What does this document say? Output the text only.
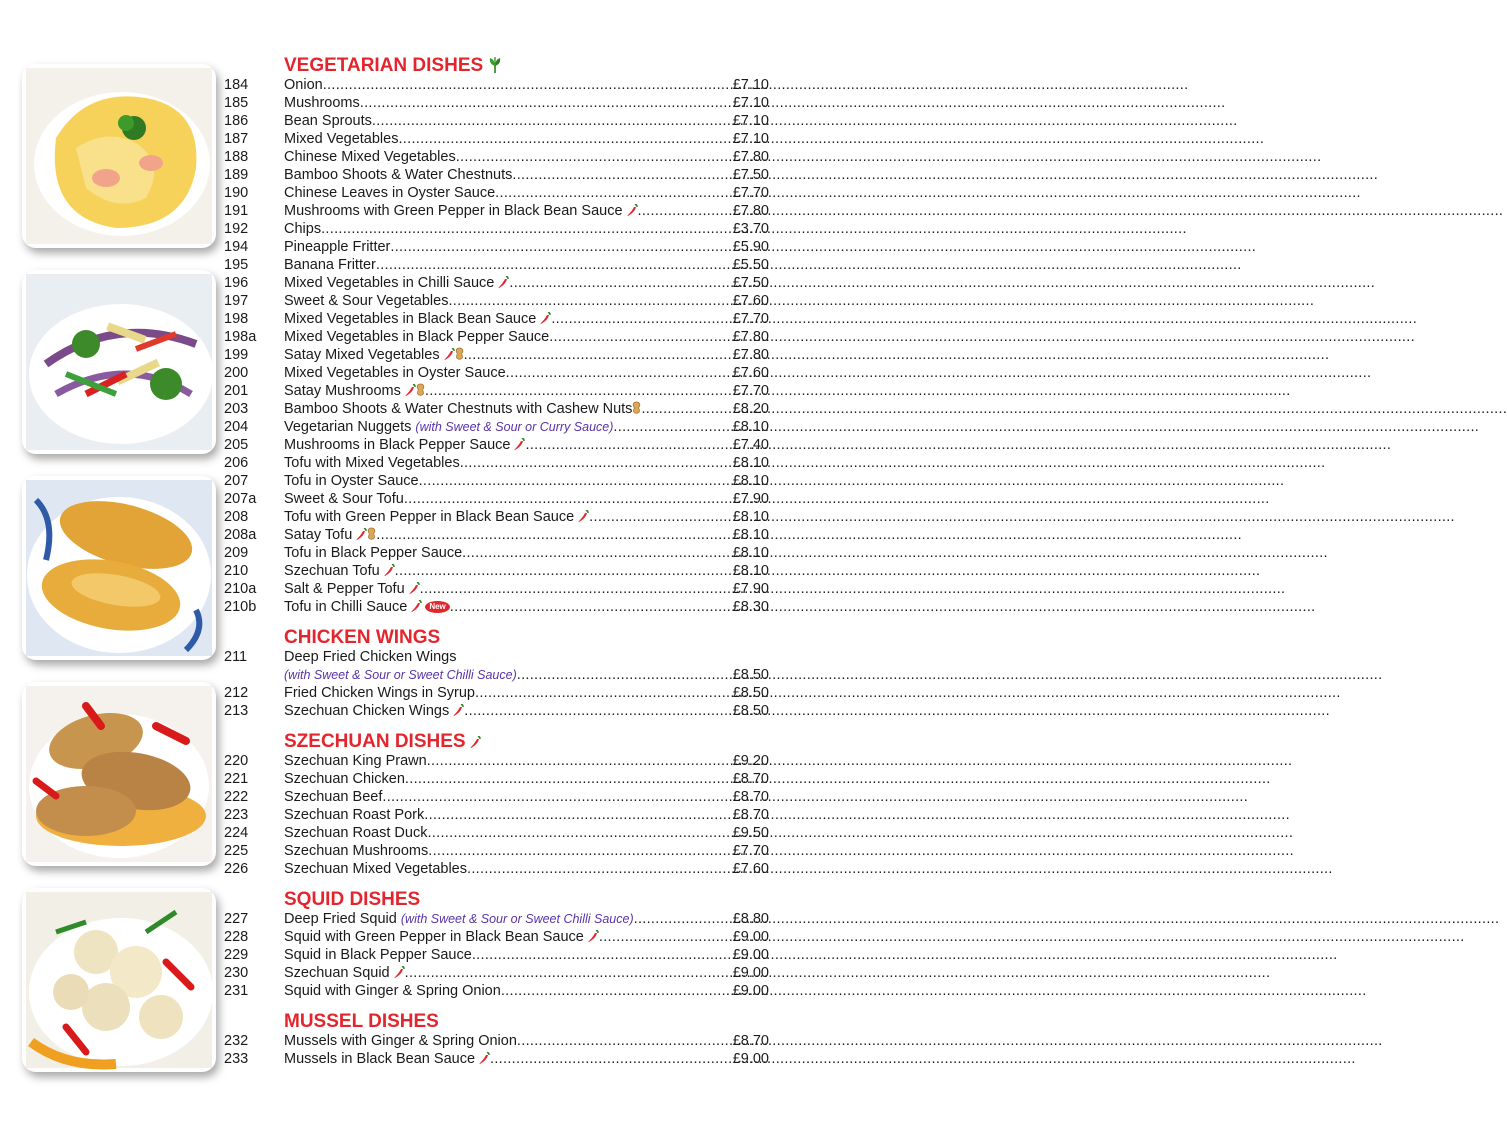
VEGETARIAN DISHES
184	Onion .....	£7.10
185	Mushrooms .....	£7.10
186	Bean Sprouts .....	£7.10
187	Mixed Vegetables .....	£7.10
188	Chinese Mixed Vegetables .....	£7.80
189	Bamboo Shoots & Water Chestnuts .....	£7.50
190	Chinese Leaves in Oyster Sauce .....	£7.70
191	Mushrooms with Green Pepper in Black Bean Sauce .....	£7.80
192	Chips .....	£3.70
194	Pineapple Fritter .....	£5.90
195	Banana Fritter .....	£5.50
196	Mixed Vegetables in Chilli Sauce .....	£7.50
197	Sweet & Sour Vegetables .....	£7.60
198	Mixed Vegetables in Black Bean Sauce .....	£7.70
198a	Mixed Vegetables in Black Pepper Sauce .....	£7.80
199	Satay Mixed Vegetables .....	£7.80
200	Mixed Vegetables in Oyster Sauce .....	£7.60
201	Satay Mushrooms .....	£7.70
203	Bamboo Shoots & Water Chestnuts with Cashew Nuts .....	£8.20
204	Vegetarian Nuggets (with Sweet & Sour or Curry Sauce) .....	£8.10
205	Mushrooms in Black Pepper Sauce .....	£7.40
206	Tofu with Mixed Vegetables .....	£8.10
207	Tofu in Oyster Sauce .....	£8.10
207a	Sweet & Sour Tofu .....	£7.90
208	Tofu with Green Pepper in Black Bean Sauce .....	£8.10
208a	Satay Tofu .....	£8.10
209	Tofu in Black Pepper Sauce .....	£8.10
210	Szechuan Tofu .....	£8.10
210a	Salt & Pepper Tofu .....	£7.90
210b	Tofu in Chilli Sauce	New .....	£8.30
CHICKEN WINGS
211	Deep Fried Chicken Wings
(with Sweet & Sour or Sweet Chilli Sauce) .....	£8.50
212	Fried Chicken Wings in Syrup .....	£8.50
213	Szechuan Chicken Wings .....	£8.50
SZECHUAN DISHES
220	Szechuan King Prawn .....	£9.20
221	Szechuan Chicken .....	£8.70
222	Szechuan Beef .....	£8.70
223	Szechuan Roast Pork .....	£8.70
224	Szechuan Roast Duck .....	£9.50
225	Szechuan Mushrooms .....	£7.70
226	Szechuan Mixed Vegetables .....	£7.60
SQUID DISHES
227	Deep Fried Squid (with Sweet & Sour or Sweet Chilli Sauce) .....	£8.80
228	Squid with Green Pepper in Black Bean Sauce .....	£9.00
229	Squid in Black Pepper Sauce .....	£9.00
230	Szechuan Squid .....	£9.00
231	Squid with Ginger & Spring Onion .....	£9.00
MUSSEL DISHES
232	Mussels with Ginger & Spring Onion .....	£8.70
233	Mussels in Black Bean Sauce .....	£9.00
